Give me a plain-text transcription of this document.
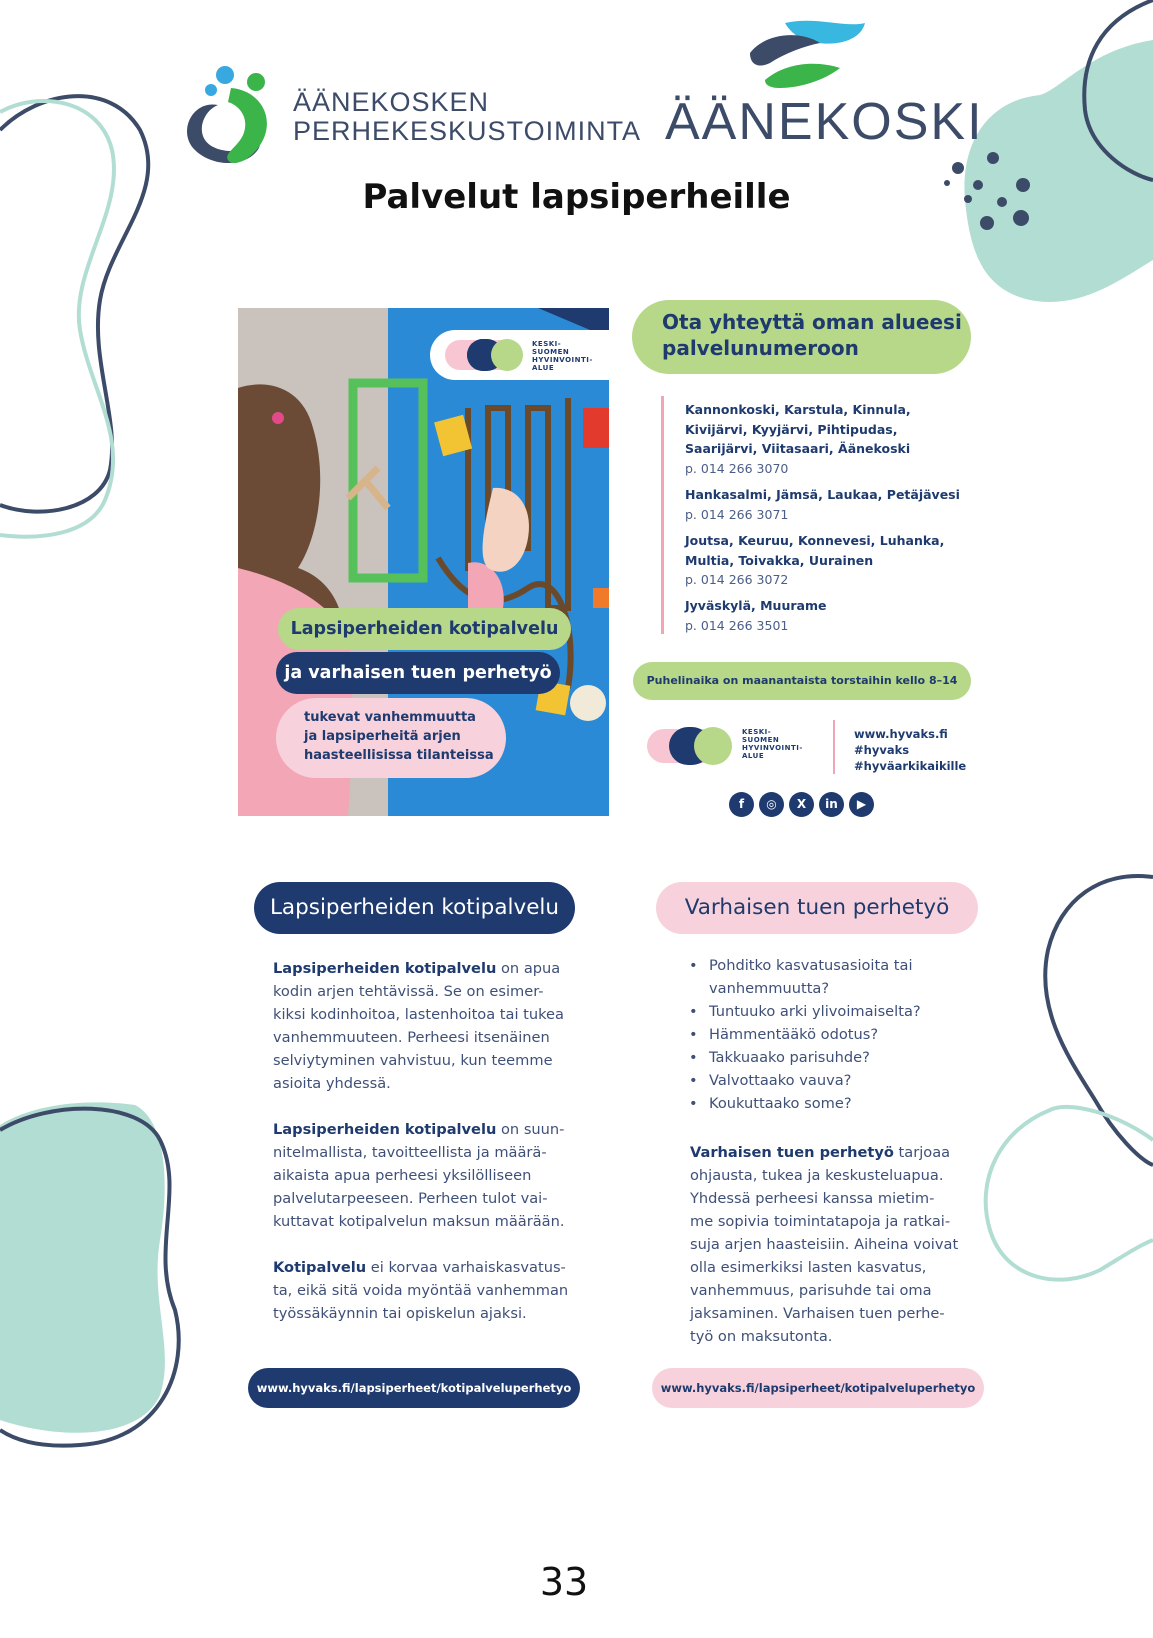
ÄÄNEKOSKEN
PERHEKESKUSTOIMINTA ÄÄNEKOSKI
Palvelut lapsiperheille
KESKI-
SUOMEN
HYVINVOINTI-
ALUE
Lapsiperheiden kotipalvelu
ja varhaisen tuen perhetyö
tukevat vanhemmuutta
ja lapsiperheitä arjen
haasteellisissa tilanteissa
Ota yhteyttä oman alueesi
palvelunumeroon
Kannonkoski, Karstula, Kinnula,
Kivijärvi, Kyyjärvi, Pihtipudas,
Saarijärvi, Viitasaari, Äänekoski
p. 014 266 3070
Hankasalmi, Jämsä, Laukaa, Petäjävesi
p. 014 266 3071
Joutsa, Keuruu, Konnevesi, Luhanka,
Multia, Toivakka, Uurainen
p. 014 266 3072
Jyväskylä, Muurame
p. 014 266 3501
Puhelinaika on maanantaista torstaihin kello 8–14
KESKI-
SUOMEN
HYVINVOINTI-
ALUE
www.hyvaks.fi
#hyvaks
#hyväarkikaikille
f	◎	X	in	▶
Lapsiperheiden kotipalvelu

Lapsiperheiden kotipalvelu on apua
kodin arjen tehtävissä. Se on esimer-
kiksi kodinhoitoa, lastenhoitoa tai tukea
vanhemmuuteen. Perheesi itsenäinen
selviytyminen vahvistuu, kun teemme
asioita yhdessä.

Lapsiperheiden kotipalvelu on suun-
nitelmallista, tavoitteellista ja määrä-
aikaista apua perheesi yksilölliseen
palvelutarpeeseen. Perheen tulot vai-
kuttavat kotipalvelun maksun määrään.

Kotipalvelu ei korvaa varhaiskasvatus-
ta, eikä sitä voida myöntää vanhemman
työssäkäynnin tai opiskelun ajaksi.

www.hyvaks.fi/lapsiperheet/kotipalveluperhetyo
Varhaisen tuen perhetyö
• Pohditko kasvatusasioita tai
vanhemmuutta?
• Tuntuuko arki ylivoimaiselta?
• Hämmentääkö odotus?
• Takkuaako parisuhde?
• Valvottaako vauva?
• Koukuttaako some?

Varhaisen tuen perhetyö tarjoaa
ohjausta, tukea ja keskusteluapua.
Yhdessä perheesi kanssa mietim-
me sopivia toimintatapoja ja ratkai-
suja arjen haasteisiin. Aiheina voivat
olla esimerkiksi lasten kasvatus,
vanhemmuus, parisuhde tai oma
jaksaminen. Varhaisen tuen perhe-
työ on maksutonta.

www.hyvaks.fi/lapsiperheet/kotipalveluperhetyo
33
